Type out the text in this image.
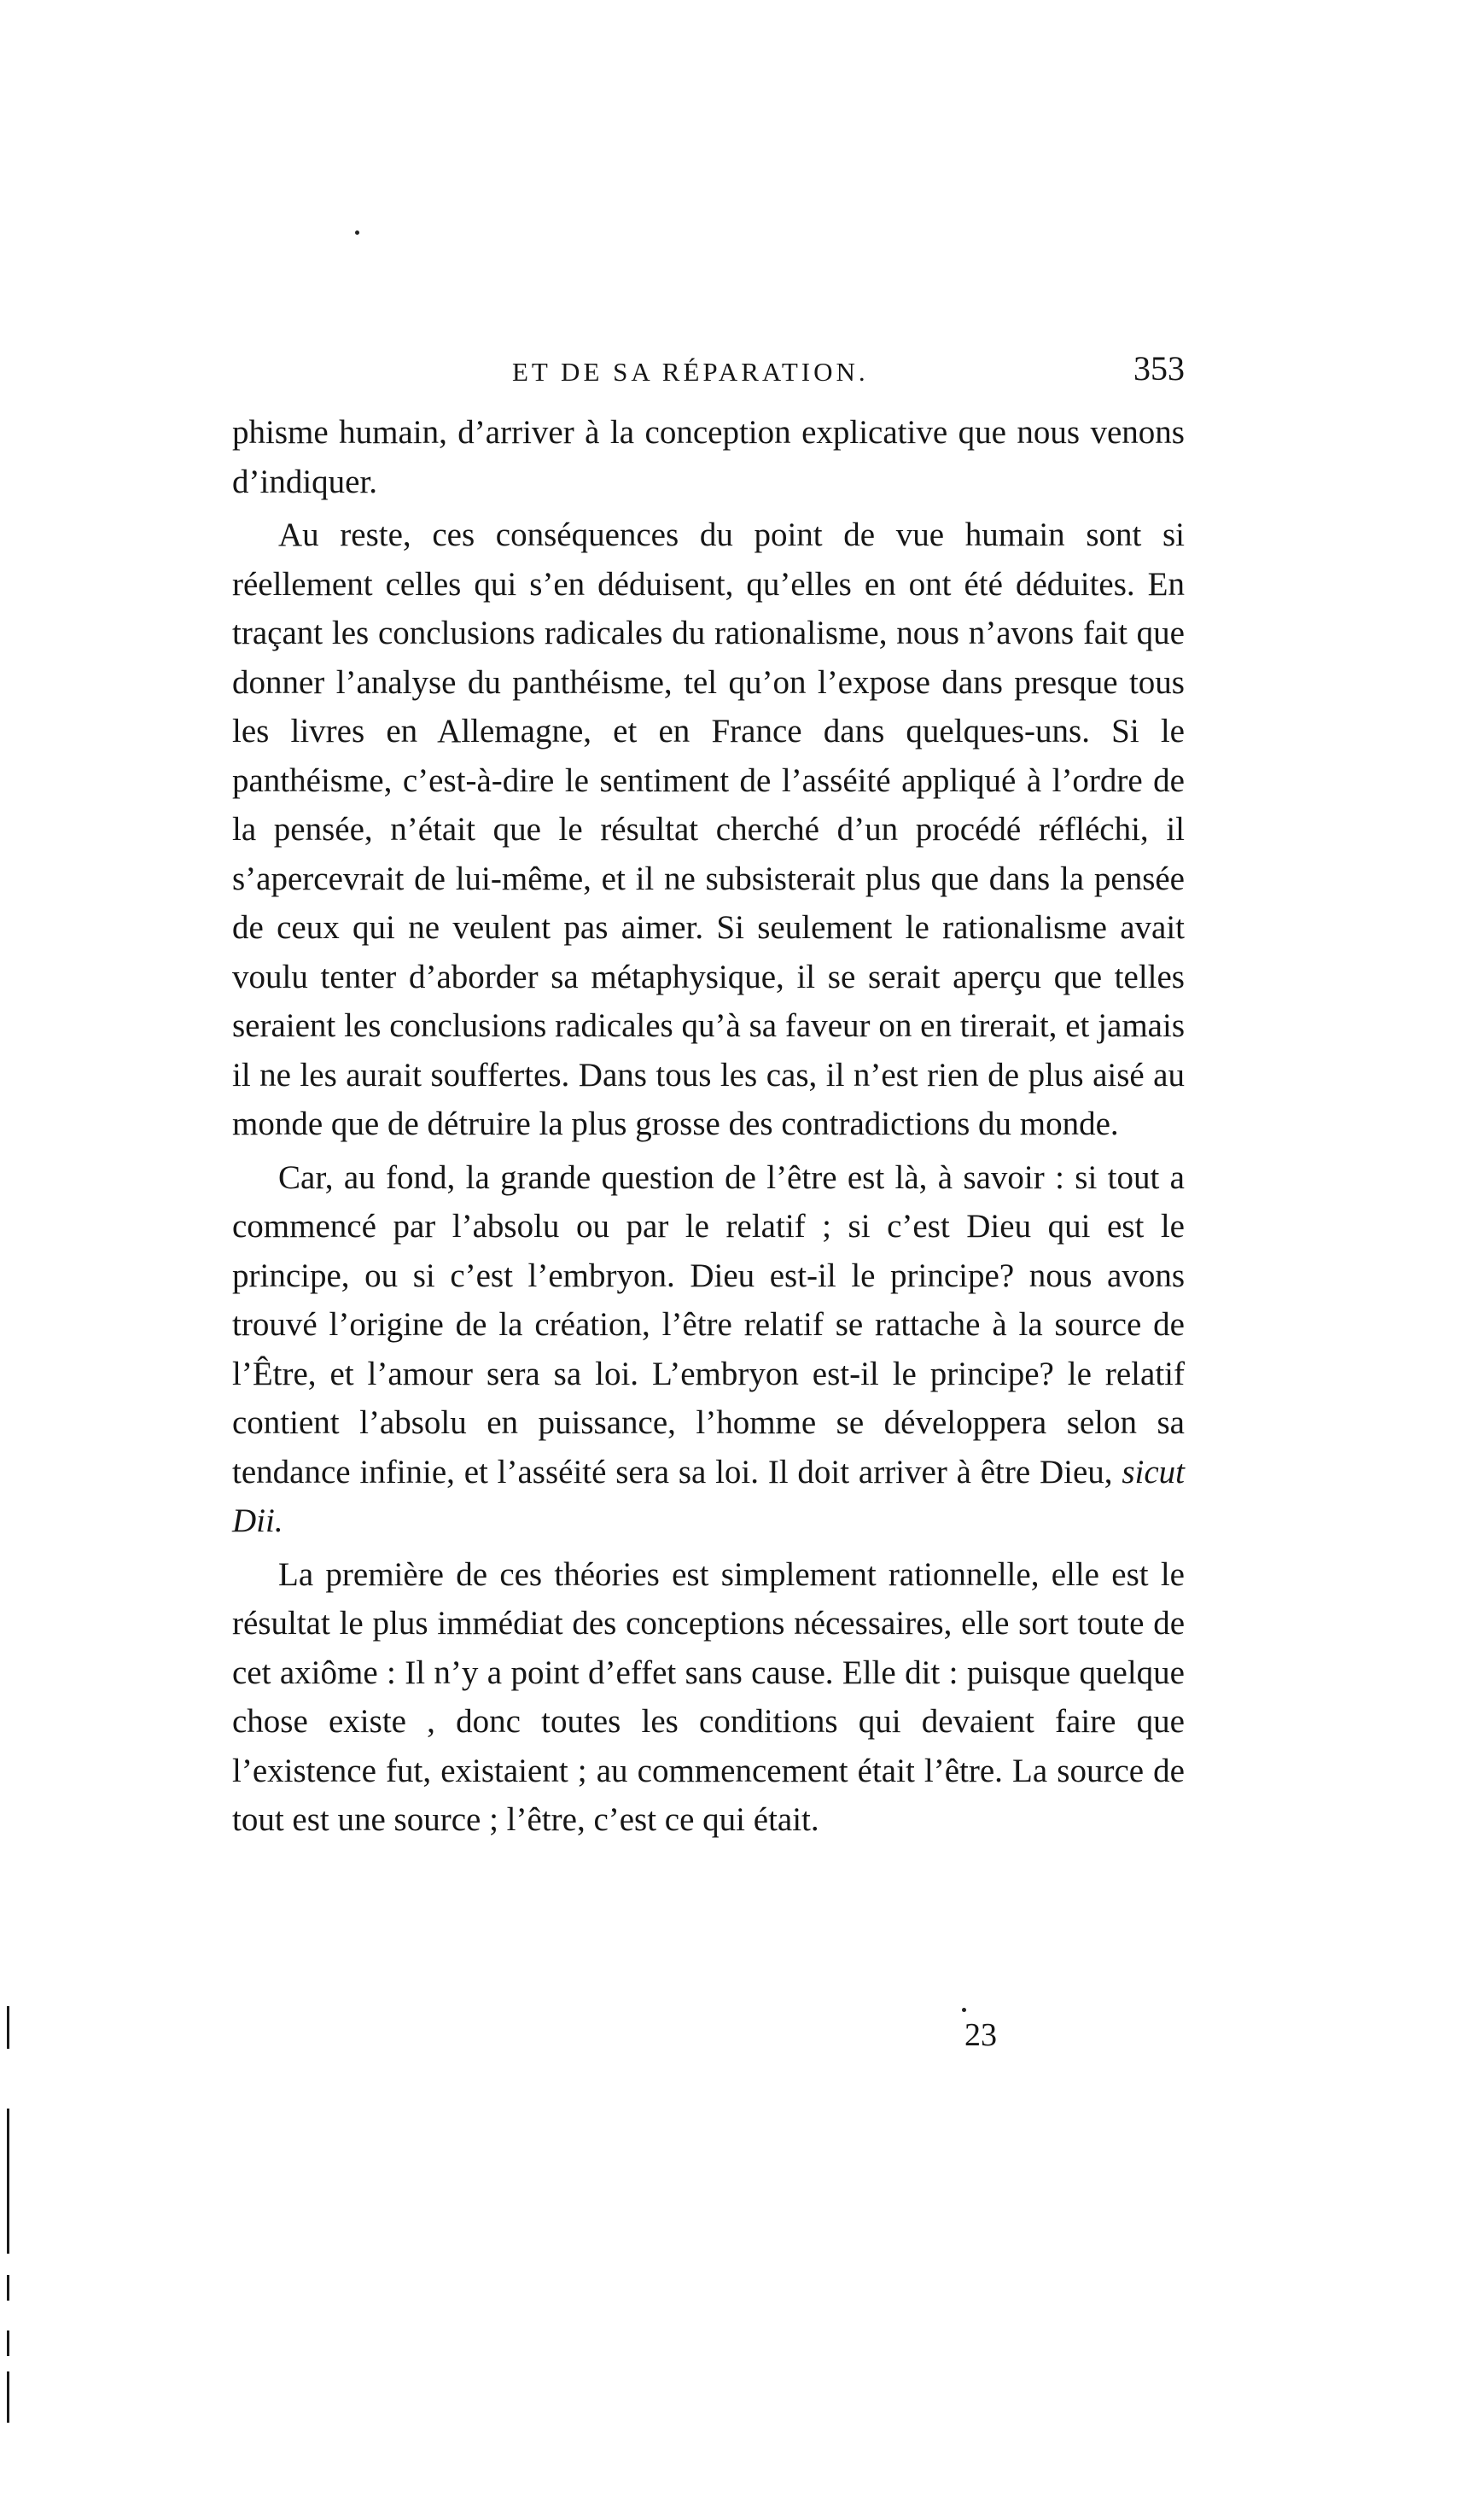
ET DE SA RÉPARATION.	353

phisme humain, d’arriver à la conception explicative que nous venons d’indiquer.

Au reste, ces conséquences du point de vue humain sont si réellement celles qui s’en déduisent, qu’elles en ont été déduites. En traçant les conclusions radicales du rationalisme, nous n’avons fait que donner l’analyse du panthéisme, tel qu’on l’expose dans presque tous les livres en Allemagne, et en France dans quelques-uns. Si le panthéisme, c’est-à-dire le sentiment de l’asséité appliqué à l’ordre de la pensée, n’était que le résultat cherché d’un procédé réfléchi, il s’apercevrait de lui-même, et il ne subsisterait plus que dans la pensée de ceux qui ne veulent pas aimer. Si seulement le rationalisme avait voulu tenter d’aborder sa métaphysique, il se serait aperçu que telles seraient les conclusions radicales qu’à sa faveur on en tirerait, et jamais il ne les aurait souffertes. Dans tous les cas, il n’est rien de plus aisé au monde que de détruire la plus grosse des contradictions du monde.

Car, au fond, la grande question de l’être est là, à savoir : si tout a commencé par l’absolu ou par le relatif ; si c’est Dieu qui est le principe, ou si c’est l’embryon. Dieu est-il le principe? nous avons trouvé l’origine de la création, l’être relatif se rattache à la source de l’Être, et l’amour sera sa loi. L’embryon est-il le principe? le relatif contient l’absolu en puissance, l’homme se développera selon sa tendance infinie, et l’asséité sera sa loi. Il doit arriver à être Dieu, sicut Dii.

La première de ces théories est simplement rationnelle, elle est le résultat le plus immédiat des conceptions nécessaires, elle sort toute de cet axiôme : Il n’y a point d’effet sans cause. Elle dit : puisque quelque chose existe , donc toutes les conditions qui devaient faire que l’existence fut, existaient ; au commencement était l’être. La source de tout est une source ; l’être, c’est ce qui était.

23
